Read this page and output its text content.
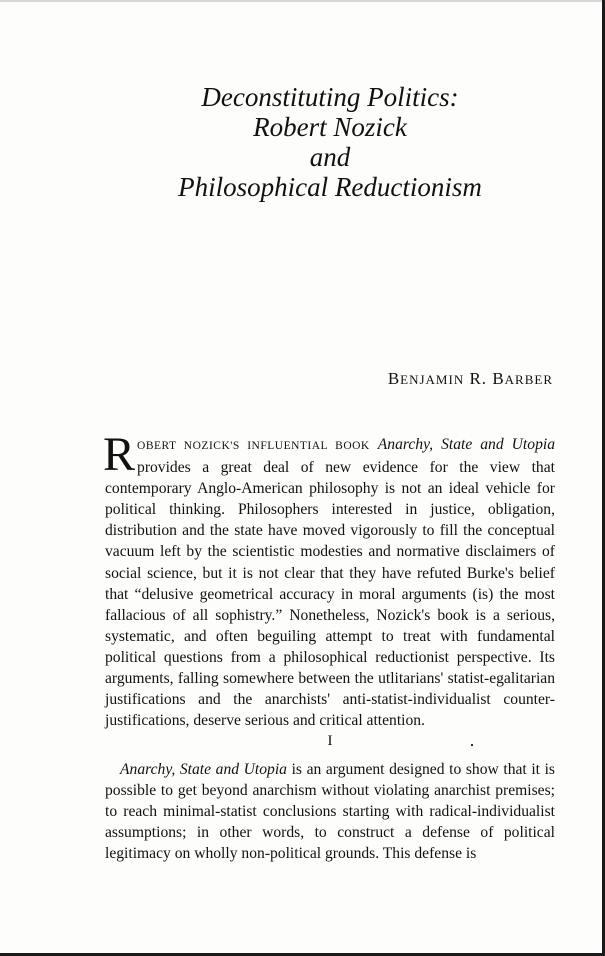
Deconstituting Politics:
Robert Nozick
and
Philosophical Reductionism
BENJAMIN R. BARBER

ROBERT NOZICK'S INFLUENTIAL BOOK Anarchy, State and Utopia provides a great deal of new evidence for the view that contemporary Anglo-American philosophy is not an ideal vehicle for political thinking. Philosophers interested in justice, obligation, distribution and the state have moved vigorously to fill the conceptual vacuum left by the scientistic modesties and normative disclaimers of social science, but it is not clear that they have refuted Burke's belief that “delusive geometrical accuracy in moral arguments (is) the most fallacious of all sophistry.” Nonetheless, Nozick's book is a serious, systematic, and often beguiling attempt to treat with fundamental political questions from a philosophical reductionist perspective. Its arguments, falling somewhere between the utlitarians' statist-egalitarian justifications and the anarchists' anti-statist-individualist counter-justifications, deserve serious and critical attention.

I

Anarchy, State and Utopia is an argument designed to show that it is possible to get beyond anarchism without violating anarchist premises; to reach minimal-statist conclusions starting with radical-individualist assumptions; in other words, to construct a defense of political legitimacy on wholly non-political grounds. This defense is
